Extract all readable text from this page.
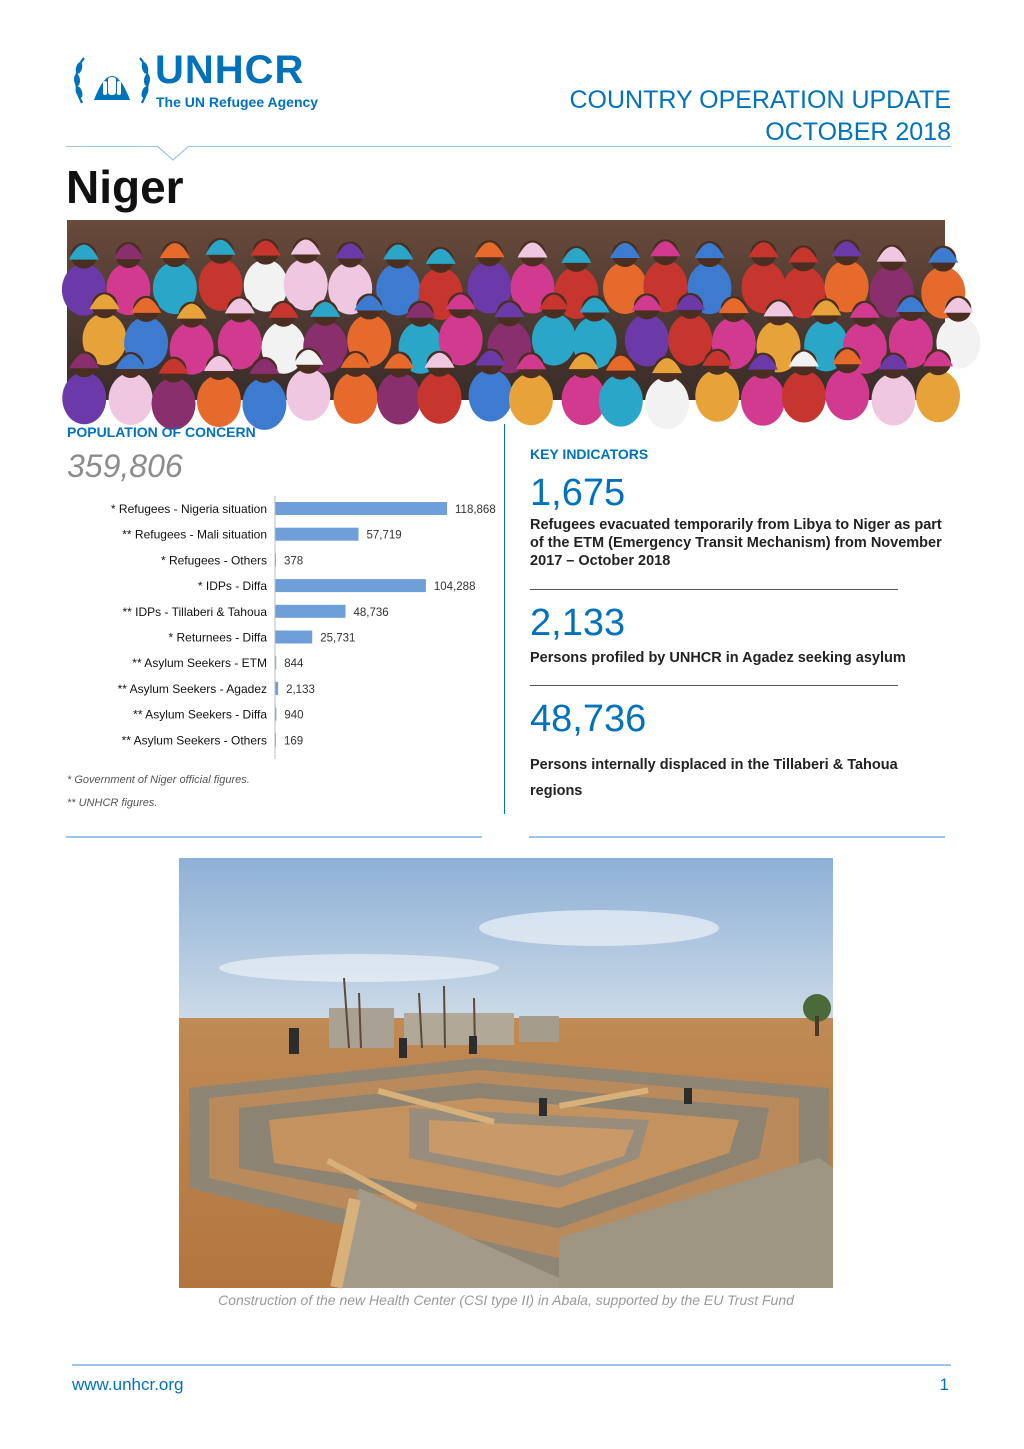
UNHCR
The UN Refugee Agency	COUNTRY OPERATION UPDATE
OCTOBER 2018
Niger
POPULATION OF CONCERN
359,806
* Refugees - Nigeria situation	118,868
** Refugees - Mali situation	57,719
* Refugees - Others 378
* IDPs - Diffa	104,288
** IDPs - Tillaberi & Tahoua	48,736
* Returnees - Diffa	25,731
** Asylum Seekers - ETM 844
** Asylum Seekers - Agadez 2,133
** Asylum Seekers - Diffa 940
** Asylum Seekers - Others 169
* Government of Niger official figures.
** UNHCR figures.
KEY INDICATORS
1,675
Refugees evacuated temporarily from Libya to Niger as part of the ETM (Emergency Transit Mechanism) from November 2017 – October 2018
2,133
Persons profiled by UNHCR in Agadez seeking asylum
48,736
Persons internally displaced in the Tillaberi & Tahoua regions
Construction of the new Health Center (CSI type II) in Abala, supported by the EU Trust Fund
www.unhcr.org	1
